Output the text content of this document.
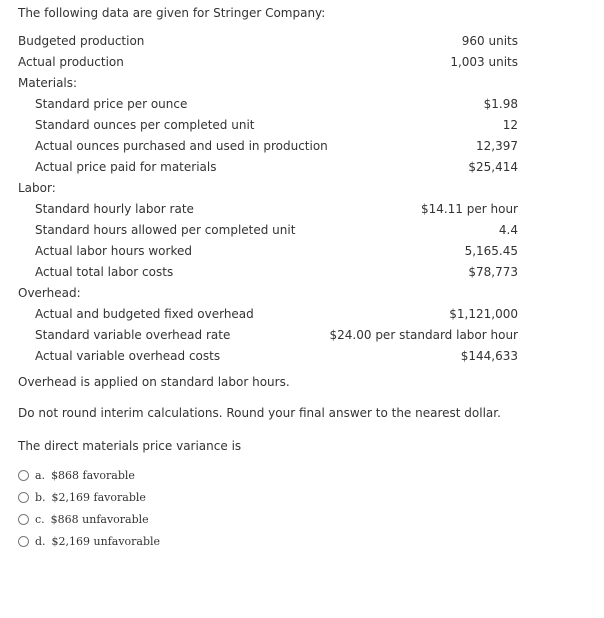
The following data are given for Stringer Company:
Budgeted production	960 units
Actual production	1,003 units
Materials:
Standard price per ounce	$1.98
Standard ounces per completed unit	12
Actual ounces purchased and used in production	12,397
Actual price paid for materials	$25,414
Labor:
Standard hourly labor rate	$14.11 per hour
Standard hours allowed per completed unit	4.4
Actual labor hours worked	5,165.45
Actual total labor costs	$78,773
Overhead:
Actual and budgeted fixed overhead	$1,121,000
Standard variable overhead rate	$24.00 per standard labor hour
Actual variable overhead costs	$144,633
Overhead is applied on standard labor hours.
Do not round interim calculations. Round your final answer to the nearest dollar.
The direct materials price variance is
a. $868 favorable
b. $2,169 favorable
c. $868 unfavorable
d. $2,169 unfavorable
